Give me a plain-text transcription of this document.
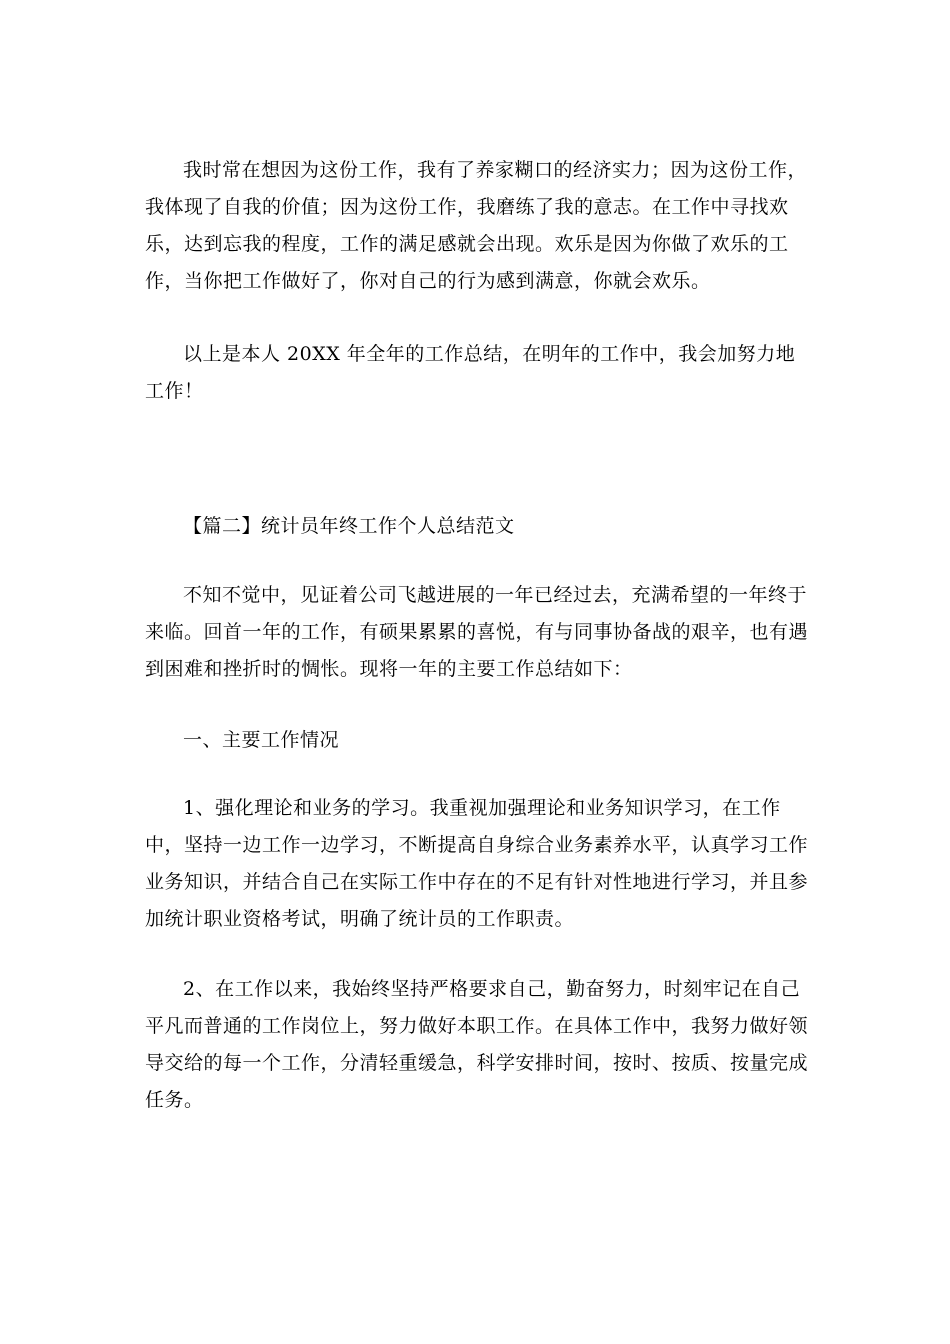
我时常在想因为这份工作，我有了养家糊口的经济实力；因为这份工作，我体现了自我的价值；因为这份工作，我磨练了我的意志。在工作中寻找欢乐，达到忘我的程度，工作的满足感就会出现。欢乐是因为你做了欢乐的工作，当你把工作做好了，你对自己的行为感到满意，你就会欢乐。

以上是本人 20XX 年全年的工作总结，在明年的工作中，我会加努力地工作！

【篇二】统计员年终工作个人总结范文

不知不觉中，见证着公司飞越进展的一年已经过去，充满希望的一年终于来临。回首一年的工作，有硕果累累的喜悦，有与同事协备战的艰辛，也有遇到困难和挫折时的惆怅。现将一年的主要工作总结如下：

一、主要工作情况

1、强化理论和业务的学习。我重视加强理论和业务知识学习，在工作中，坚持一边工作一边学习，不断提高自身综合业务素养水平，认真学习工作业务知识，并结合自己在实际工作中存在的不足有针对性地进行学习，并且参加统计职业资格考试，明确了统计员的工作职责。

2、在工作以来，我始终坚持严格要求自己，勤奋努力，时刻牢记在自己平凡而普通的工作岗位上，努力做好本职工作。在具体工作中，我努力做好领导交给的每一个工作，分清轻重缓急，科学安排时间，按时、按质、按量完成任务。
